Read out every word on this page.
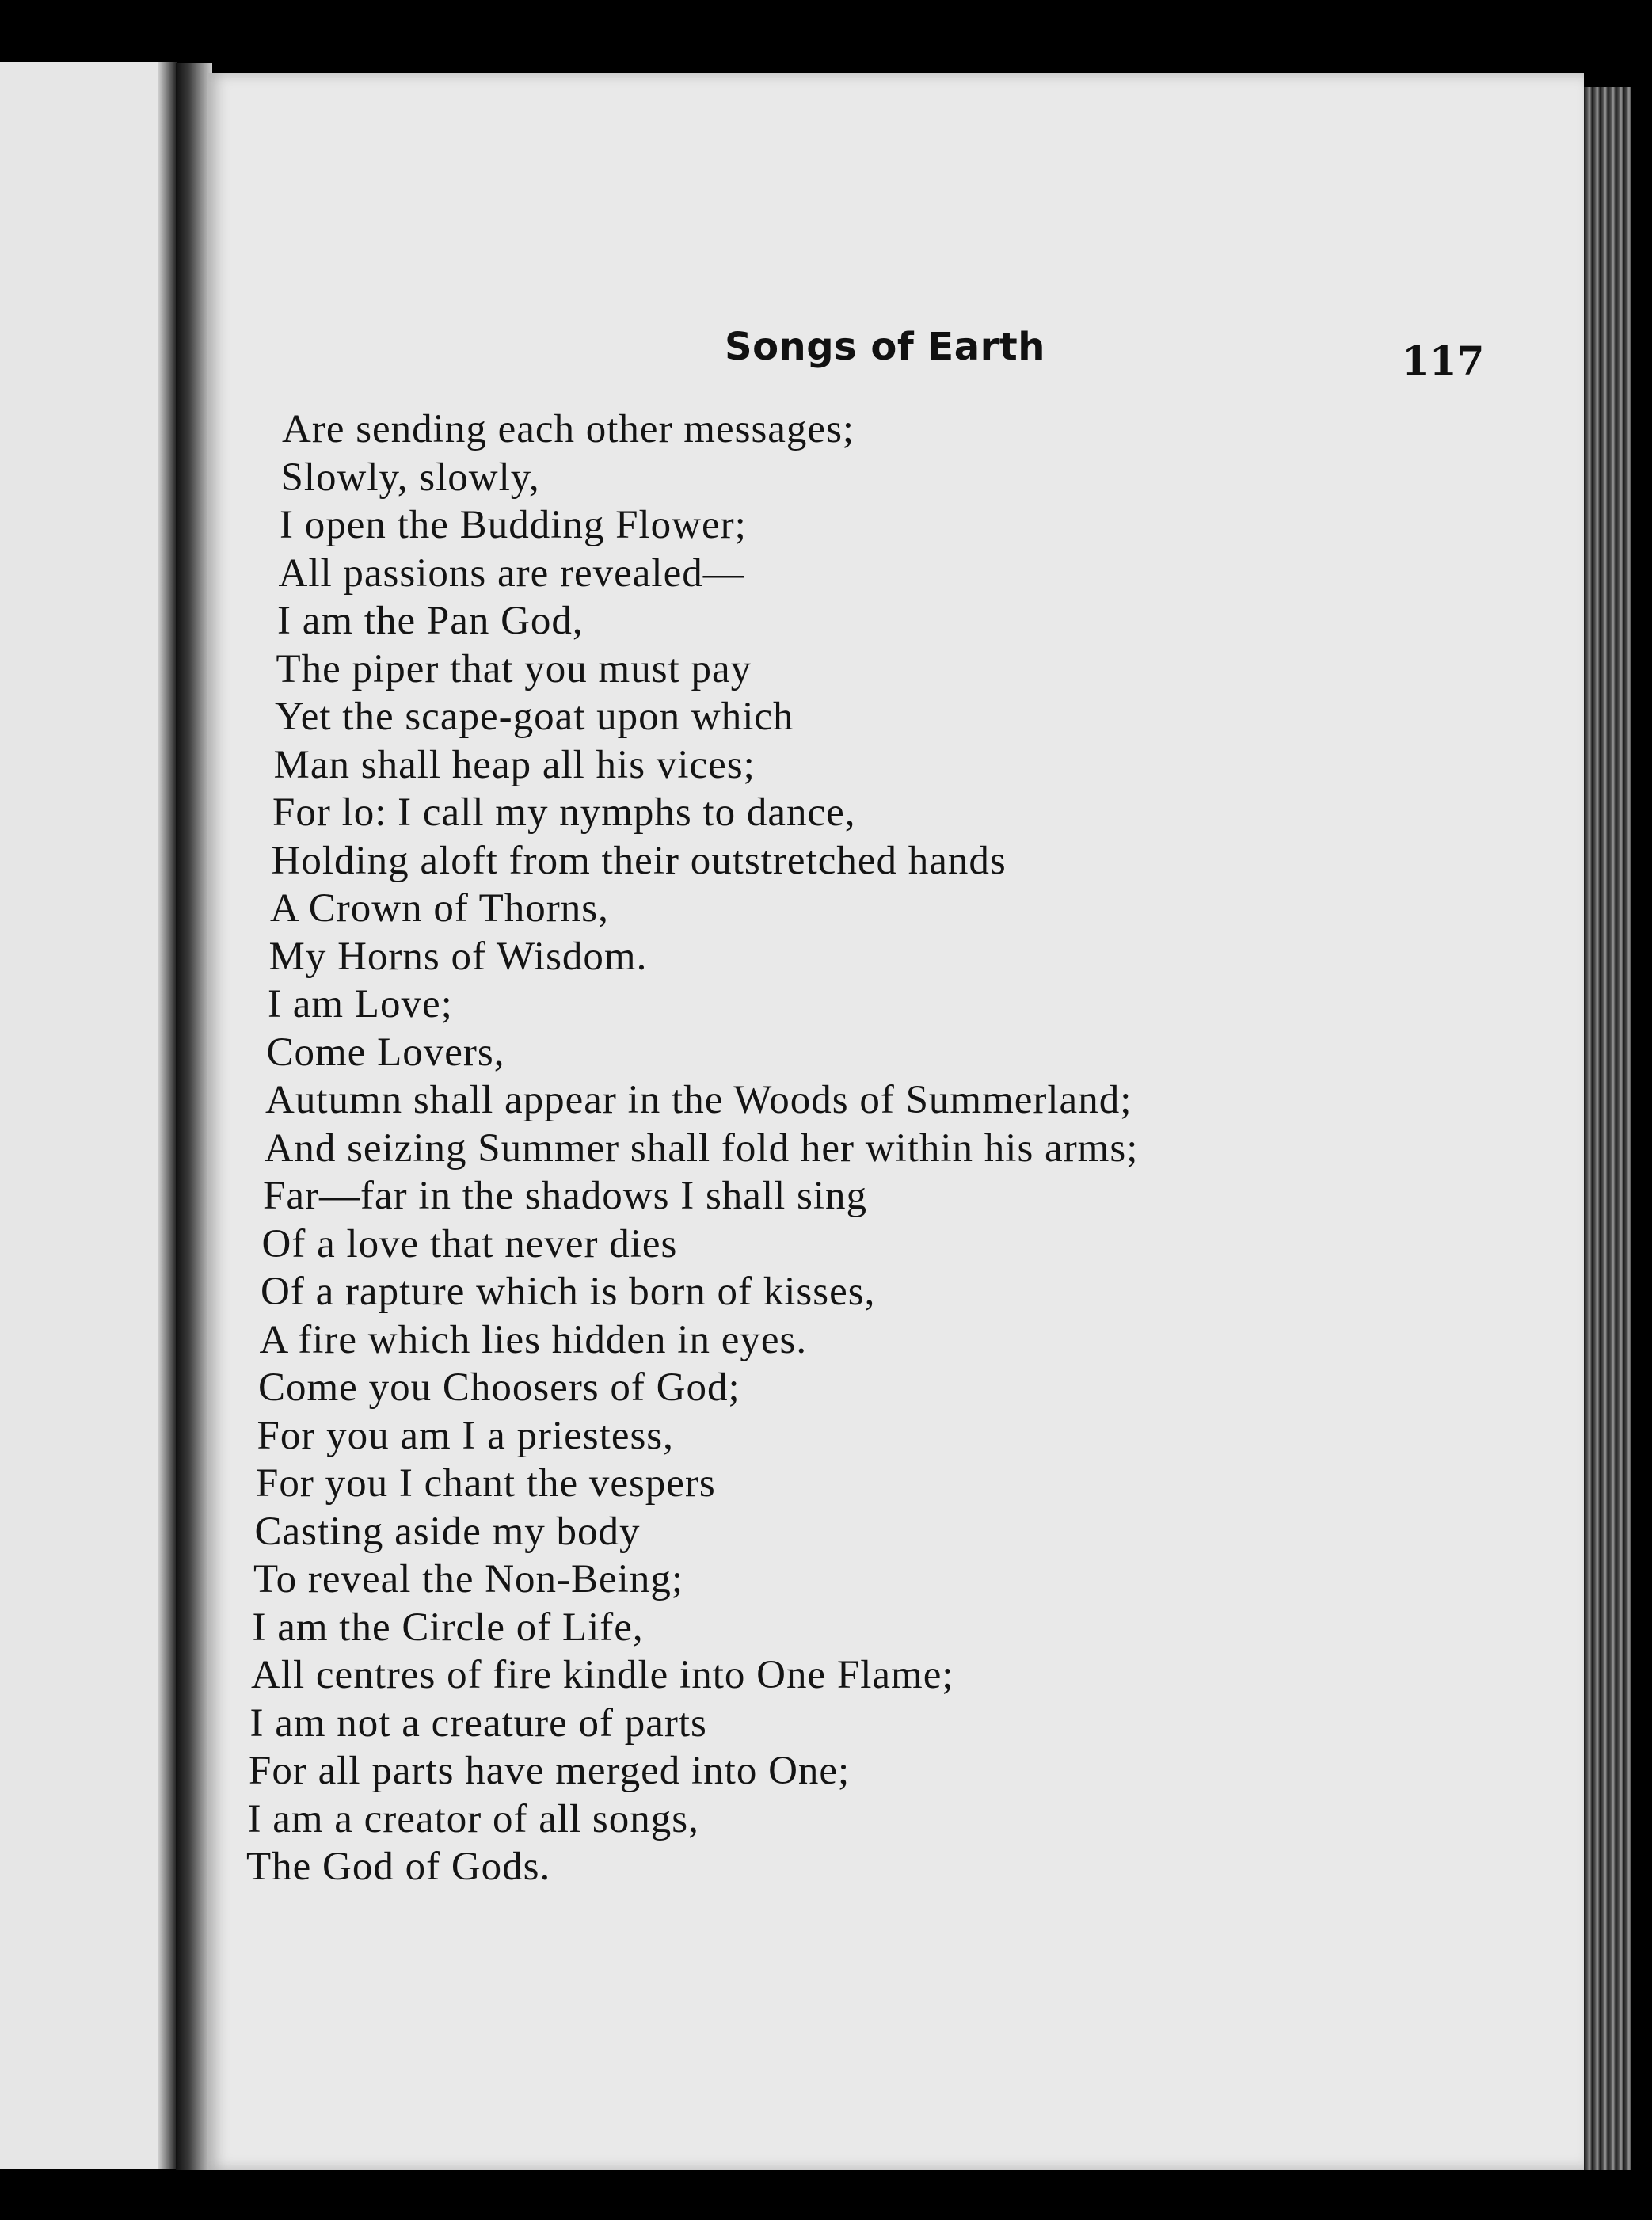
Songs of Earth	117
Are sending each other messages;
Slowly, slowly,
I open the Budding Flower;
All passions are revealed—
I am the Pan God,
The piper that you must pay
Yet the scape-goat upon which
Man shall heap all his vices;
For lo: I call my nymphs to dance,
Holding aloft from their outstretched hands
A Crown of Thorns,
My Horns of Wisdom.
I am Love;
Come Lovers,
Autumn shall appear in the Woods of Summerland;
And seizing Summer shall fold her within his arms;
Far—far in the shadows I shall sing
Of a love that never dies
Of a rapture which is born of kisses,
A fire which lies hidden in eyes.
Come you Choosers of God;
For you am I a priestess,
For you I chant the vespers
Casting aside my body
To reveal the Non-Being;
I am the Circle of Life,
All centres of fire kindle into One Flame;
I am not a creature of parts
For all parts have merged into One;
I am a creator of all songs,
The God of Gods.
